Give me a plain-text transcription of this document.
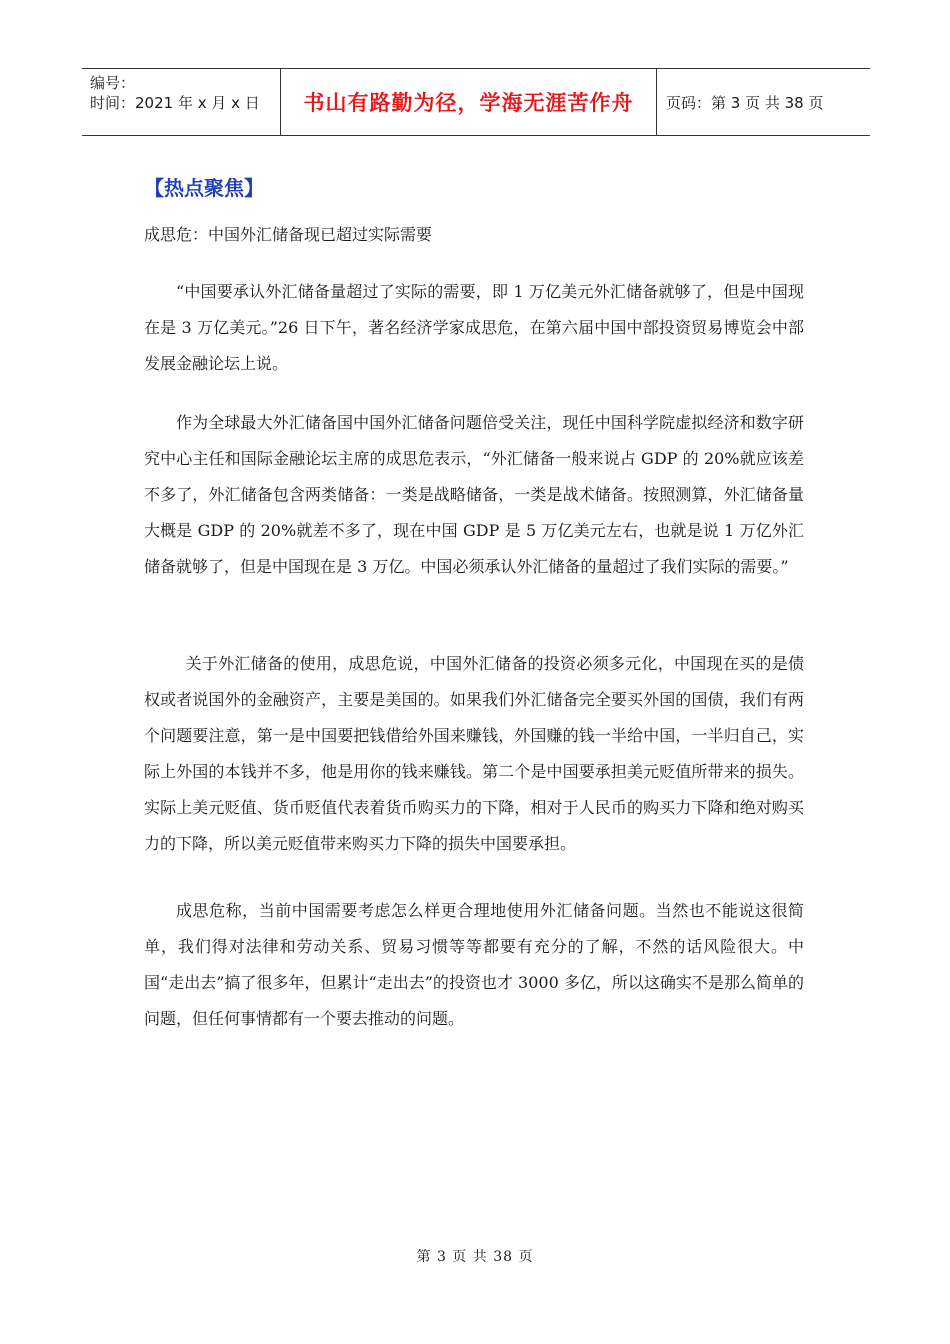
编号：
时间：2021 年 x 月 x 日	书山有路勤为径，学海无涯苦作舟	页码：第 3 页 共 38 页
【热点聚焦】
成思危：中国外汇储备现已超过实际需要

“中国要承认外汇储备量超过了实际的需要，即 1 万亿美元外汇储备就够了，但是中国现在是 3 万亿美元。”26 日下午，著名经济学家成思危，在第六届中国中部投资贸易博览会中部发展金融论坛上说。

作为全球最大外汇储备国中国外汇储备问题倍受关注，现任中国科学院虚拟经济和数字研究中心主任和国际金融论坛主席的成思危表示，“外汇储备一般来说占 GDP 的 20%就应该差不多了，外汇储备包含两类储备：一类是战略储备，一类是战术储备。按照测算，外汇储备量大概是 GDP 的 20%就差不多了，现在中国 GDP 是 5 万亿美元左右，也就是说 1 万亿外汇储备就够了，但是中国现在是 3 万亿。中国必须承认外汇储备的量超过了我们实际的需要。”

关于外汇储备的使用，成思危说，中国外汇储备的投资必须多元化，中国现在买的是债权或者说国外的金融资产，主要是美国的。如果我们外汇储备完全要买外国的国债，我们有两个问题要注意，第一是中国要把钱借给外国来赚钱，外国赚的钱一半给中国，一半归自己，实际上外国的本钱并不多，他是用你的钱来赚钱。第二个是中国要承担美元贬值所带来的损失。实际上美元贬值、货币贬值代表着货币购买力的下降，相对于人民币的购买力下降和绝对购买力的下降，所以美元贬值带来购买力下降的损失中国要承担。

成思危称，当前中国需要考虑怎么样更合理地使用外汇储备问题。当然也不能说这很简单，我们得对法律和劳动关系、贸易习惯等等都要有充分的了解，不然的话风险很大。中国“走出去”搞了很多年，但累计“走出去”的投资也才 3000 多亿，所以这确实不是那么简单的问题，但任何事情都有一个要去推动的问题。

第 3 页 共 38 页
